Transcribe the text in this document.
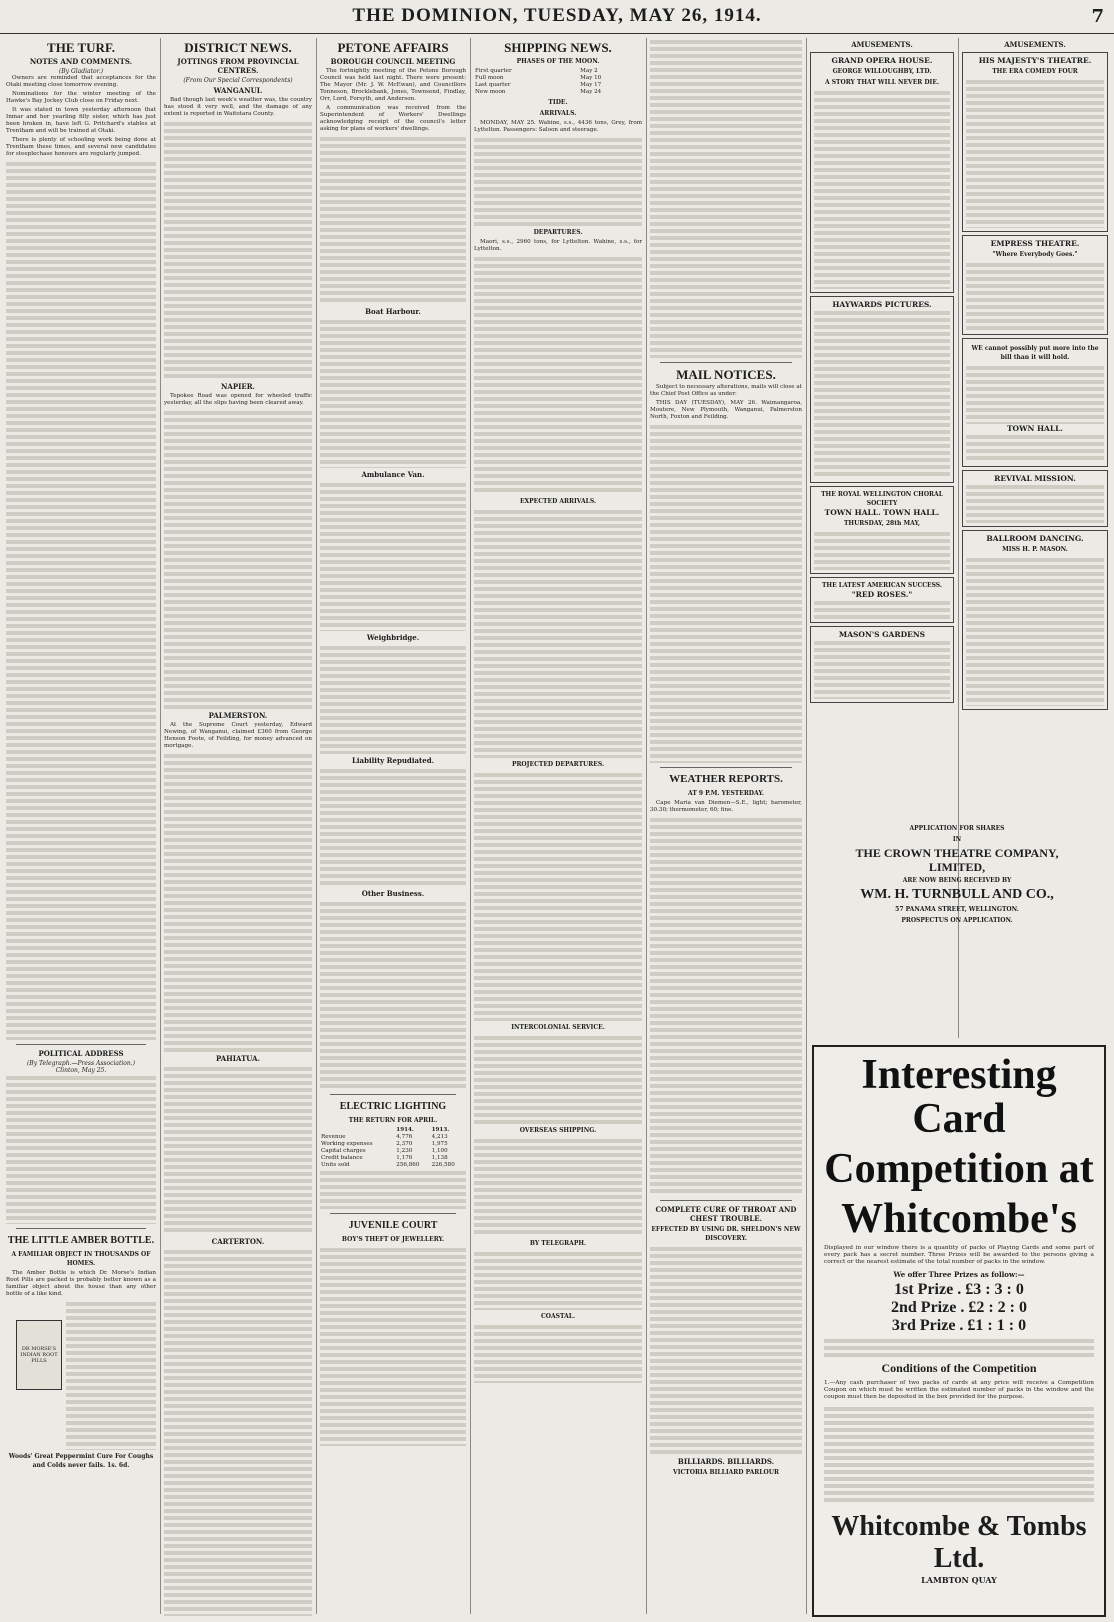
THE DOMINION, TUESDAY, MAY 26, 1914.	7
THE TURF.
NOTES AND COMMENTS.
(By Gladiator.)

Owners are reminded that acceptances for the Otaki meeting close tomorrow evening.

Nominations for the winter meeting of the Hawke's Bay Jockey Club close on Friday next.

It was stated in town yesterday afternoon that Inmar and her yearling filly sister, which has just been broken in, have left G. Pritchard's stables at Trentham and will be trained at Otaki.

There is plenty of schooling work being done at Trentham these times, and several new candidates for steeplechase honours are regularly jumped.

POLITICAL ADDRESS
(By Telegraph.—Press Association.)
Clinton, May 25.
THE LITTLE AMBER BOTTLE.
A FAMILIAR OBJECT IN THOUSANDS OF HOMES.

The Amber Bottle is which Dr. Morse's Indian Root Pills are packed is probably better known as a familiar object about the house than any other bottle of a like kind.

DR MORSE'S INDIAN ROOT PILLS
Woods' Great Peppermint Cure For Coughs and Colds never fails. 1s. 6d.
DISTRICT NEWS.
JOTTINGS FROM PROVINCIAL CENTRES.
(From Our Special Correspondents)
WANGANUI.

Bad though last week's weather was, the country has stood it very well, and the damage of any extent is reported in Waitotara County.

NAPIER.

Tepokee Road was opened for wheeled traffic yesterday, all the slips having been cleared away.

PALMERSTON.

At the Supreme Court yesterday, Edward Newing, of Wanganui, claimed £360 from George Henson Foote, of Feilding, for money advanced on mortgage.

PAHIATUA.
CARTERTON.
PETONE AFFAIRS
BOROUGH COUNCIL MEETING

The fortnightly meeting of the Petone Borough Council was held last night. There were present: The Mayor (Mr. J. W. McEwan), and Councillors Tonneson, Brocklebank, Jones, Townsend, Findlay, Orr, Lord, Forsyth, and Anderson.

A communication was received from the Superintendent of Workers' Dwellings acknowledging receipt of the council's letter asking for plans of workers' dwellings.

Boat Harbour.
Ambulance Van.
Weighbridge.
Liability Repudiated.
Other Business.
ELECTRIC LIGHTING
THE RETURN FOR APRIL.
	1914.	1913.
Revenue	4,776	4,213
Working expenses	2,370	1,975
Capital charges	1,230	1,100
Credit balance	1,176	1,138
Units sold	256,860	226,580
JUVENILE COURT
BOY'S THEFT OF JEWELLERY.
SHIPPING NEWS.
PHASES OF THE MOON.
First quarter	May 2
Full moon	May 10
Last quarter	May 17
New moon	May 24
TIDE.
ARRIVALS.

MONDAY, MAY 25. Wahine, s.s., 4436 tons, Grey, from Lyttelton. Passengers: Saloon and steerage.

DEPARTURES.

Maori, s.s., 2960 tons, for Lyttelton. Wahine, s.s., for Lyttelton.

EXPECTED ARRIVALS.
PROJECTED DEPARTURES.
INTERCOLONIAL SERVICE.
OVERSEAS SHIPPING.
BY TELEGRAPH.
COASTAL.
MAIL NOTICES.

Subject to necessary alterations, mails will close at the Chief Post Office as under:

THIS DAY (TUESDAY), MAY 26. Waimangaroa, Moutere, New Plymouth, Wanganui, Palmerston North, Foxton and Feilding.

WEATHER REPORTS.
AT 9 P.M. YESTERDAY.

Cape Maria van Diemen—S.E., light; barometer, 30.30; thermometer, 60; fine.

COMPLETE CURE OF THROAT AND CHEST TROUBLE.
EFFECTED BY USING DR. SHELDON'S NEW DISCOVERY.
BILLIARDS. BILLIARDS.
VICTORIA BILLIARD PARLOUR
AMUSEMENTS.
GRAND OPERA HOUSE.
GEORGE WILLOUGHBY, LTD.
A STORY THAT WILL NEVER DIE.
HAYWARDS PICTURES.
THE ROYAL WELLINGTON CHORAL SOCIETY
TOWN HALL. TOWN HALL.
THURSDAY, 28th MAY,
THE LATEST AMERICAN SUCCESS.
"RED ROSES."
MASON'S GARDENS
AMUSEMENTS.
HIS MAJESTY'S THEATRE.
THE ERA COMEDY FOUR
EMPRESS THEATRE.
"Where Everybody Goes."
WE cannot possibly put more into the bill than it will hold.
TOWN HALL.
REVIVAL MISSION.
BALLROOM DANCING.
MISS H. P. MASON.
APPLICATION FOR SHARES
IN
THE CROWN THEATRE COMPANY,
LIMITED,
ARE NOW BEING RECEIVED BY
WM. H. TURNBULL AND CO.,
57 PANAMA STREET, WELLINGTON.
PROSPECTUS ON APPLICATION.
Interesting Card
Competition at
Whitcombe's
Displayed in our window there is a quantity of packs of Playing Cards and some part of every pack has a secret number. Three Prizes will be awarded to the persons giving a correct or the nearest estimate of the total number of packs in the window.
We offer Three Prizes as follow:—
1st Prize . £3 : 3 : 0
2nd Prize . £2 : 2 : 0
3rd Prize . £1 : 1 : 0
Conditions of the Competition
1.—Any cash purchaser of two packs of cards at any price will receive a Competition Coupon on which must be written the estimated number of packs in the window and the coupon must then be deposited in the box provided for the purpose.
Whitcombe & Tombs Ltd.
LAMBTON QUAY
